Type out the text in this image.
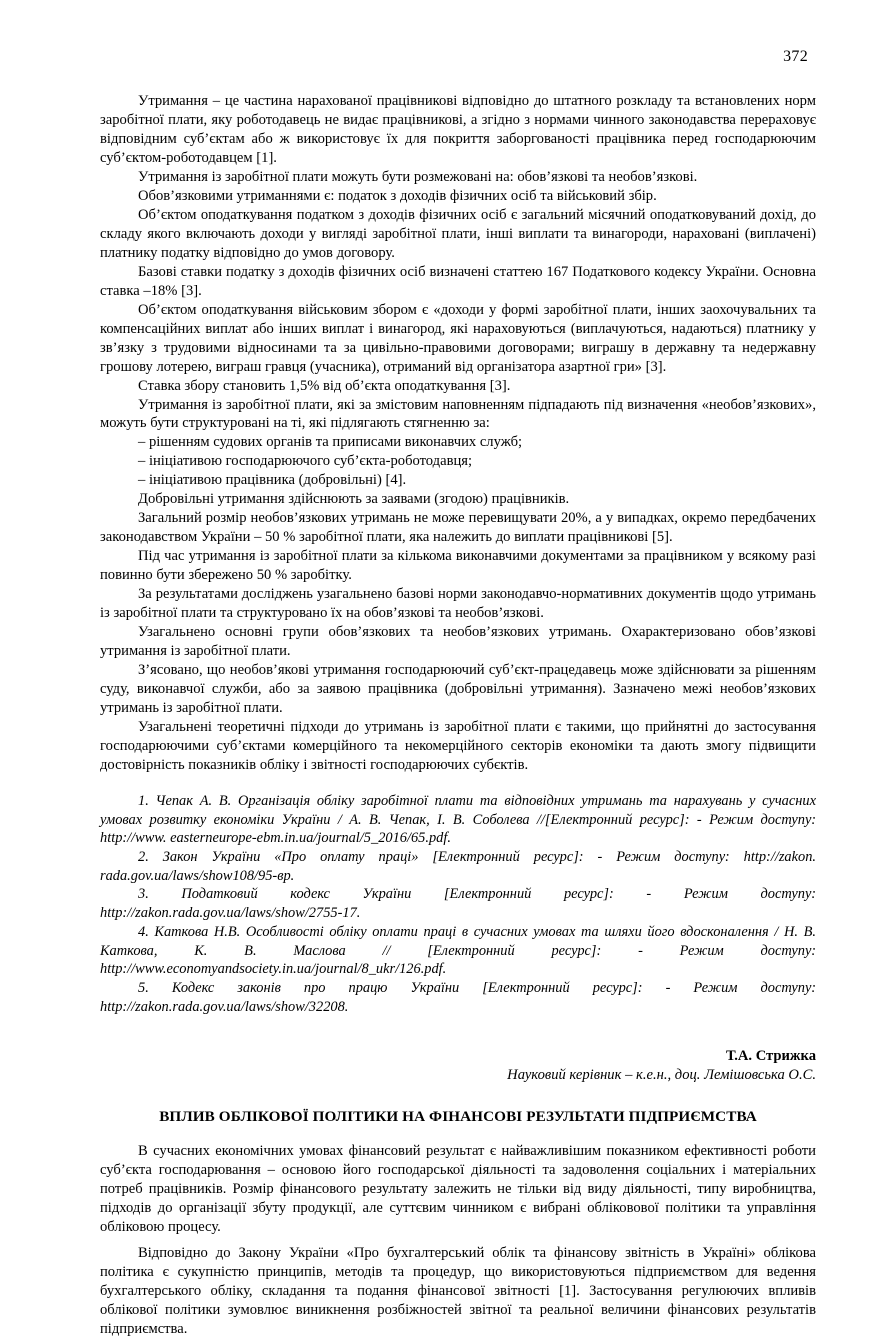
372

Утримання – це частина нарахованої працівникові відповідно до штатного розкладу та встановлених норм заробітної плати, яку роботодавець не видає працівникові, а згідно з нормами чинного законодавства перераховує відповідним суб’єктам або ж використовує їх для покриття заборгованості працівника перед господарюючим суб’єктом-роботодавцем [1].

Утримання із заробітної плати можуть бути розмежовані на: обов’язкові та необов’язкові.

Обов’язковими утриманнями є: податок з доходів фізичних осіб та військовий збір.

Об’єктом оподаткування податком з доходів фізичних осіб є загальний місячний оподатковуваний дохід, до складу якого включають доходи у вигляді заробітної плати, інші виплати та винагороди, нараховані (виплачені) платнику податку відповідно до умов договору.

Базові ставки податку з доходів фізичних осіб визначені статтею 167 Податкового кодексу України. Основна ставка –18% [3].

Об’єктом оподаткування військовим збором є «доходи у формі заробітної плати, інших заохочувальних та компенсаційних виплат або інших виплат і винагород, які нараховуються (виплачуються, надаються) платнику у зв’язку з трудовими відносинами та за цивільно-правовими договорами; виграшу в державну та недержавну грошову лотерею, виграш гравця (учасника), отриманий від організатора азартної гри» [3].

Ставка збору становить 1,5% від об’єкта оподаткування [3].

Утримання із заробітної плати, які за змістовим наповненням підпадають під визначення «необов’язкових», можуть бути структуровані на ті, які підлягають стягненню за:

– рішенням судових органів та приписами виконавчих служб;

– ініціативою господарюючого суб’єкта-роботодавця;

– ініціативою працівника (добровільні) [4].

Добровільні утримання здійснюють за заявами (згодою) працівників.

Загальний розмір необов’язкових утримань не може перевищувати 20%, а у випадках, окремо передбачених законодавством України – 50 % заробітної плати, яка належить до виплати працівникові [5].

Під час утримання із заробітної плати за кількома виконавчими документами за працівником у всякому разі повинно бути збережено 50 % заробітку.

За результатами досліджень узагальнено базові норми законодавчо-нормативних документів щодо утримань із заробітної плати та структуровано їх на обов’язкові та необов’язкові.

Узагальнено основні групи обов’язкових та необов’язкових утримань. Охарактеризовано обов’язкові утримання із заробітної плати.

З’ясовано, що необов’якові утримання господарюючий суб’єкт-працедавець може здійснювати за рішенням суду, виконавчої служби, або за заявою працівника (добровільні утримання). Зазначено межі необов’язкових утримань із заробітної плати.

Узагальнені теоретичні підходи до утримань із заробітної плати є такими, що прийнятні до застосування господарюючими суб’єктами комерційного та некомерційного секторів економіки та дають змогу підвищити достовірність показників обліку і звітності господарюючих субєктів.

1. Чепак А. В. Організація обліку заробітної плати та відповідних утримань та нарахувань у сучасних умовах розвитку економіки України / А. В. Чепак, І. В. Соболева //[Електронний ресурс]: - Режим доступу: http://www. easterneurope-ebm.in.ua/journal/5_2016/65.pdf.

2. Закон України «Про оплату праці» [Електронний ресурс]: - Режим доступу: http://zakon. rada.gov.ua/laws/show108/95-вр.

3. Податковий кодекс України [Електронний ресурс]: - Режим доступу: http://zakon.rada.gov.ua/laws/show/2755-17.

4. Каткова Н.В. Особливості обліку оплати праці в сучасних умовах та шляхи його вдосконалення / Н. В. Каткова, К. В. Маслова // [Електронний ресурс]: - Режим доступу: http://www.economyandsociety.in.ua/journal/8_ukr/126.pdf.

5. Кодекс законів про працю України [Електронний ресурс]: - Режим доступу: http://zakon.rada.gov.ua/laws/show/32208.

Т.А. Стрижка
Науковий керівник – к.е.н., доц. Лемішовська О.С.
ВПЛИВ ОБЛІКОВОЇ ПОЛІТИКИ НА ФІНАНСОВІ РЕЗУЛЬТАТИ ПІДПРИЄМСТВА

В сучасних економічних умовах фінансовий результат є найважливішим показником ефективності роботи суб’єкта господарювання – основою його господарської діяльності та задоволення соціальних і матеріальних потреб працівників. Розмір фінансового результату залежить не тільки від виду діяльності, типу виробництва, підходів до організації збуту продукції, але суттєвим чинником є вибрані обліковової політики та управління обліковою процесу.

Відповідно до Закону України «Про бухгалтерський облік та фінансову звітність в Україні» облікова політика є сукупністю принципів, методів та процедур, що використовуються підприємством для ведення бухгалтерського обліку, складання та подання фінансової звітності [1]. Застосування регулюючих впливів облікової політики зумовлює виникнення розбіжностей звітної та реальної величини фінансових результатів підприємства.
